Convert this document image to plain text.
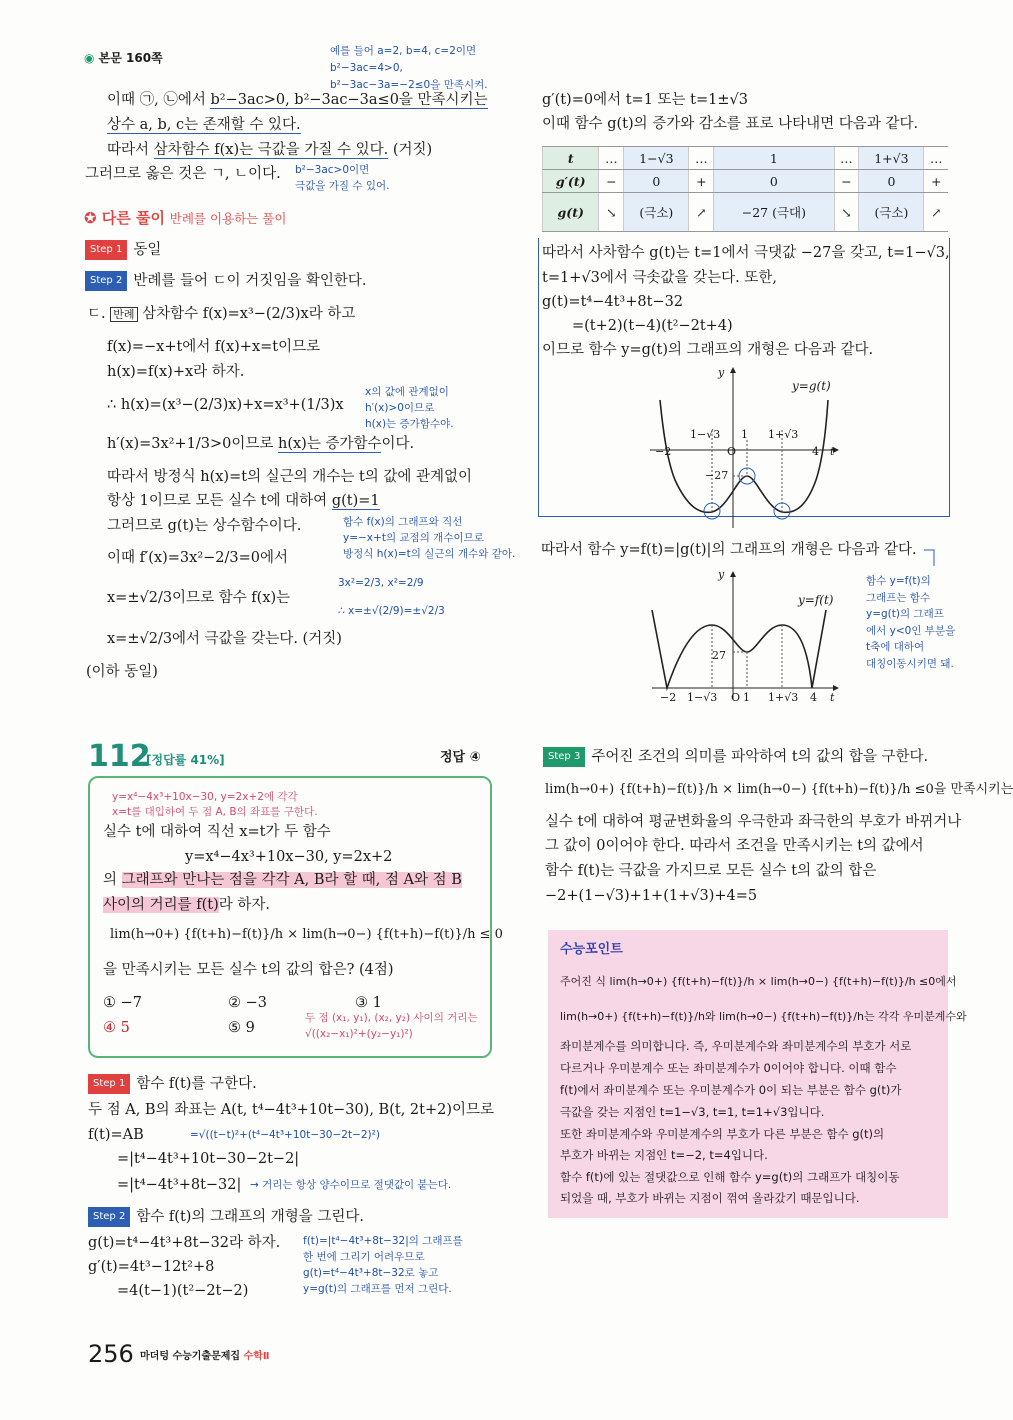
◉ 본문 160쪽	예를 들어 a=2, b=4, c=2이면
b²−3ac=4>0,
b²−3ac−3a=−2≤0을 만족시켜.
이때 ㉠, ㉡에서 b²−3ac>0, b²−3ac−3a≤0을 만족시키는
상수 a, b, c는 존재할 수 있다.
따라서 삼차함수 f(x)는 극값을 가질 수 있다. (거짓)
그러므로 옳은 것은 ㄱ, ㄴ이다. b²−3ac>0이면
극값을 가질 수 있어.
✪ 다른 풀이 반례를 이용하는 풀이
Step 1 동일
Step 2 반례를 들어 ㄷ이 거짓임을 확인한다.
ㄷ. 반례 삼차함수 f(x)=x³−(2/3)x라 하고
f(x)=−x+t에서 f(x)+x=t이므로
h(x)=f(x)+x라 하자.
∴ h(x)=(x³−(2/3)x)+x=x³+(1/3)x
x의 값에 관계없이
h′(x)>0이므로
h(x)는 증가함수야.
h′(x)=3x²+1/3>0이므로 h(x)는 증가함수이다.
따라서 방정식 h(x)=t의 실근의 개수는 t의 값에 관계없이
항상 1이므로 모든 실수 t에 대하여 g(t)=1
그러므로 g(t)는 상수함수이다.	함수 f(x)의 그래프와 직선
y=−x+t의 교점의 개수이므로
방정식 h(x)=t의 실근의 개수와 같아.
이때 f′(x)=3x²−2/3=0에서
3x²=2/3, x²=2/9
∴ x=±√(2/9)=±√2/3
x=±√2/3이므로 함수 f(x)는
x=±√2/3에서 극값을 갖는다. (거짓)
(이하 동일)
112
[정답률 41%]	정답 ④
y=x⁴−4x³+10x−30, y=2x+2에 각각
x=t를 대입하여 두 점 A, B의 좌표를 구한다.
실수 t에 대하여 직선 x=t가 두 함수
y=x⁴−4x³+10x−30, y=2x+2
의 그래프와 만나는 점을 각각 A, B라 할 때, 점 A와 점 B
사이의 거리를 f(t)라 하자.
lim(h→0+) {f(t+h)−f(t)}/h × lim(h→0−) {f(t+h)−f(t)}/h ≤ 0
을 만족시키는 모든 실수 t의 값의 합은? (4점)
① −7	② −3	③ 1
④ 5	⑤ 9
두 점 (x₁, y₁), (x₂, y₂) 사이의 거리는
√((x₂−x₁)²+(y₂−y₁)²)
Step 1 함수 f(t)를 구한다.
두 점 A, B의 좌표는 A(t, t⁴−4t³+10t−30), B(t, 2t+2)이므로
f(t)=AB	=√((t−t)²+(t⁴−4t³+10t−30−2t−2)²)
=|t⁴−4t³+10t−30−2t−2|
=|t⁴−4t³+8t−32| → 거리는 항상 양수이므로 절댓값이 붙는다.
Step 2 함수 f(t)의 그래프의 개형을 그린다.
g(t)=t⁴−4t³+8t−32라 하자. f(t)=|t⁴−4t³+8t−32|의 그래프를
한 번에 그리기 어려우므로
g(t)=t⁴−4t³+8t−32로 놓고
y=g(t)의 그래프를 먼저 그린다.
g′(t)=4t³−12t²+8
=4(t−1)(t²−2t−2)
256 마더텅 수능기출문제집 수학Ⅱ
g′(t)=0에서 t=1 또는 t=1±√3
이때 함수 g(t)의 증가와 감소를 표로 나타내면 다음과 같다.
t	…	1−√3	…	1	…	1+√3	…
g′(t)	−	0	+	0	−	0	+
g(t)	↘	(극소)	↗	−27 (극대)	↘	(극소)	↗
따라서 사차함수 g(t)는 t=1에서 극댓값 −27을 갖고, t=1−√3,
t=1+√3에서 극솟값을 갖는다. 또한,
g(t)=t⁴−4t³+8t−32
=(t+2)(t−4)(t²−2t+4)
이므로 함수 y=g(t)의 그래프의 개형은 다음과 같다.
y
y=g(t)
1−√3 1 1+√3
−2	O	4 t
−27
따라서 함수 y=f(t)=|g(t)|의 그래프의 개형은 다음과 같다.
y
y=f(t)
27
−2 1−√3 O 1 1+√3 4 t
함수 y=f(t)의
그래프는 함수
y=g(t)의 그래프
에서 y<0인 부분을
t축에 대하여
대칭이동시키면 돼.
Step 3 주어진 조건의 의미를 파악하여 t의 값의 합을 구한다.
lim(h→0+) {f(t+h)−f(t)}/h × lim(h→0−) {f(t+h)−f(t)}/h ≤0을 만족시키는
실수 t에 대하여 평균변화율의 우극한과 좌극한의 부호가 바뀌거나
그 값이 0이어야 한다. 따라서 조건을 만족시키는 t의 값에서
함수 f(t)는 극값을 가지므로 모든 실수 t의 값의 합은
−2+(1−√3)+1+(1+√3)+4=5
수능포인트
주어진 식 lim(h→0+) {f(t+h)−f(t)}/h × lim(h→0−) {f(t+h)−f(t)}/h ≤0에서
lim(h→0+) {f(t+h)−f(t)}/h와 lim(h→0−) {f(t+h)−f(t)}/h는 각각 우미분계수와
좌미분계수를 의미합니다. 즉, 우미분계수와 좌미분계수의 부호가 서로
다르거나 우미분계수 또는 좌미분계수가 0이어야 합니다. 이때 함수
f(t)에서 좌미분계수 또는 우미분계수가 0이 되는 부분은 함수 g(t)가
극값을 갖는 지점인 t=1−√3, t=1, t=1+√3입니다.
또한 좌미분계수와 우미분계수의 부호가 다른 부분은 함수 g(t)의
부호가 바뀌는 지점인 t=−2, t=4입니다.
함수 f(t)에 있는 절댓값으로 인해 함수 y=g(t)의 그래프가 대칭이동
되었을 때, 부호가 바뀌는 지점이 꺾여 올라갔기 때문입니다.
